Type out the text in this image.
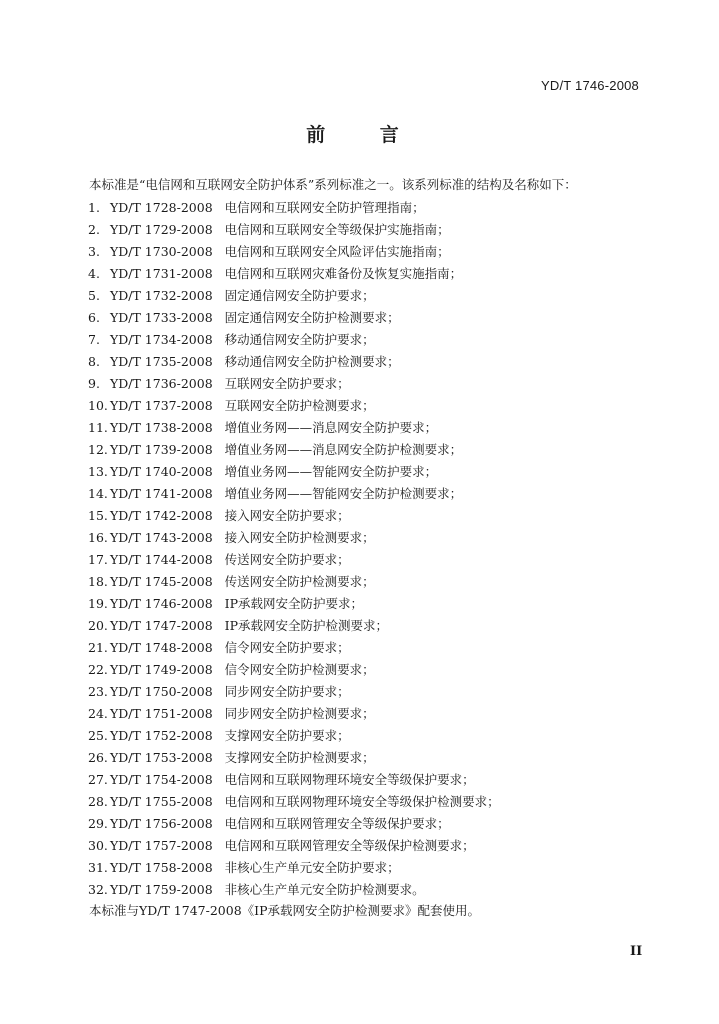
YD/T 1746-2008
前 言
本标准是“电信网和互联网安全防护体系”系列标准之一。该系列标准的结构及名称如下：
1. YD/T 1728-2008 电信网和互联网安全防护管理指南；
2. YD/T 1729-2008 电信网和互联网安全等级保护实施指南；
3. YD/T 1730-2008 电信网和互联网安全风险评估实施指南；
4. YD/T 1731-2008 电信网和互联网灾难备份及恢复实施指南；
5. YD/T 1732-2008 固定通信网安全防护要求；
6. YD/T 1733-2008 固定通信网安全防护检测要求；
7. YD/T 1734-2008 移动通信网安全防护要求；
8. YD/T 1735-2008 移动通信网安全防护检测要求；
9. YD/T 1736-2008 互联网安全防护要求；
10. YD/T 1737-2008 互联网安全防护检测要求；
11. YD/T 1738-2008 增值业务网——消息网安全防护要求；
12. YD/T 1739-2008 增值业务网——消息网安全防护检测要求；
13. YD/T 1740-2008 增值业务网——智能网安全防护要求；
14. YD/T 1741-2008 增值业务网——智能网安全防护检测要求；
15. YD/T 1742-2008 接入网安全防护要求；
16. YD/T 1743-2008 接入网安全防护检测要求；
17. YD/T 1744-2008 传送网安全防护要求；
18. YD/T 1745-2008 传送网安全防护检测要求；
19. YD/T 1746-2008 IP承载网安全防护要求；
20. YD/T 1747-2008 IP承载网安全防护检测要求；
21. YD/T 1748-2008 信令网安全防护要求；
22. YD/T 1749-2008 信令网安全防护检测要求；
23. YD/T 1750-2008 同步网安全防护要求；
24. YD/T 1751-2008 同步网安全防护检测要求；
25. YD/T 1752-2008 支撑网安全防护要求；
26. YD/T 1753-2008 支撑网安全防护检测要求；
27. YD/T 1754-2008 电信网和互联网物理环境安全等级保护要求；
28. YD/T 1755-2008 电信网和互联网物理环境安全等级保护检测要求；
29. YD/T 1756-2008 电信网和互联网管理安全等级保护要求；
30. YD/T 1757-2008 电信网和互联网管理安全等级保护检测要求；
31. YD/T 1758-2008 非核心生产单元安全防护要求；
32. YD/T 1759-2008 非核心生产单元安全防护检测要求。
本标准与YD/T 1747-2008《IP承载网安全防护检测要求》配套使用。
II
